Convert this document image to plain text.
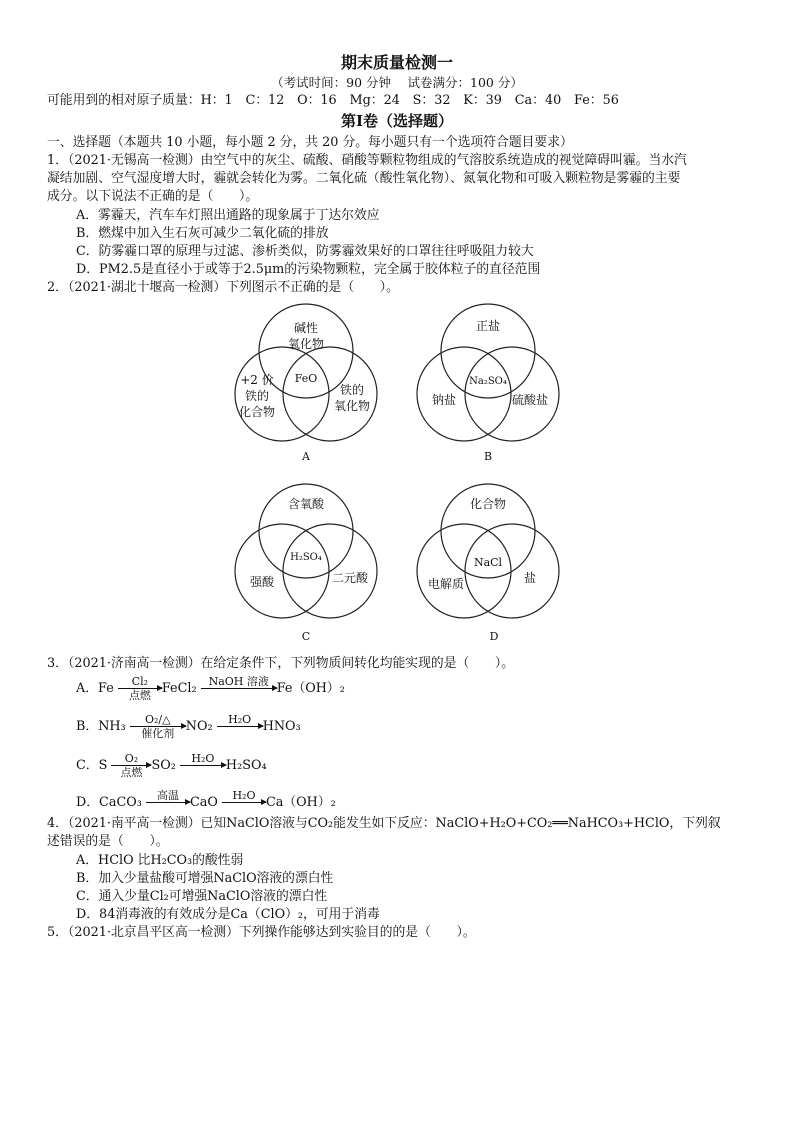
期末质量检测一
（考试时间：90 分钟　 试卷满分：100 分）
可能用到的相对原子质量：H：1　C：12　O：16　Mg：24　S：32　K：39　Ca：40　Fe：56
第Ⅰ卷（选择题）
一、选择题（本题共 10 小题，每小题 2 分，共 20 分。每小题只有一个选项符合题目要求）
1．（2021·无锡高一检测）由空气中的灰尘、硫酸、硝酸等颗粒物组成的气溶胶系统造成的视觉障碍叫霾。当水汽
凝结加剧、空气湿度增大时，霾就会转化为雾。二氧化硫（酸性氧化物）、氮氧化物和可吸入颗粒物是雾霾的主要
成分。以下说法不正确的是（　　）。
A．雾霾天，汽车车灯照出通路的现象属于丁达尔效应
B．燃煤中加入生石灰可减少二氧化硫的排放
C．防雾霾口罩的原理与过滤、渗析类似，防雾霾效果好的口罩往往呼吸阻力较大
D．PM2.5是直径小于或等于2.5μm的污染物颗粒，完全属于胶体粒子的直径范围
2．（2021·湖北十堰高一检测）下列图示不正确的是（　　）。
碱性
氧化物
FeO
+2 价
铁的
化合物
铁的
氧化物
A
正盐
Na₂SO₄
钠盐	硫酸盐
B
含氧酸
H₂SO₄
强酸	二元酸
C
化合物
NaCl
电解质	盐
D
3．（2021·济南高一检测）在给定条件下，下列物质间转化均能实现的是（　　）。
A．Fe	Cl₂
点燃 FeCl₂	NaOH 溶液
Fe（OH）₂
B．NH₃	O₂/△
催化剂 NO₂	H₂O
HNO₃
C．S	O₂
点燃 SO₂	H₂O
H₂SO₄
D．CaCO₃	高温
CaO	H₂O
Ca（OH）₂
4．（2021·南平高一检测）已知NaClO溶液与CO₂能发生如下反应：NaClO+H₂O+CO₂══NaHCO₃+HClO，下列叙
述错误的是（　　）。
A．HClO 比H₂CO₃的酸性弱
B．加入少量盐酸可增强NaClO溶液的漂白性
C．通入少量Cl₂可增强NaClO溶液的漂白性
D．84消毒液的有效成分是Ca（ClO）₂，可用于消毒
5．（2021·北京昌平区高一检测）下列操作能够达到实验目的的是（　　）。
